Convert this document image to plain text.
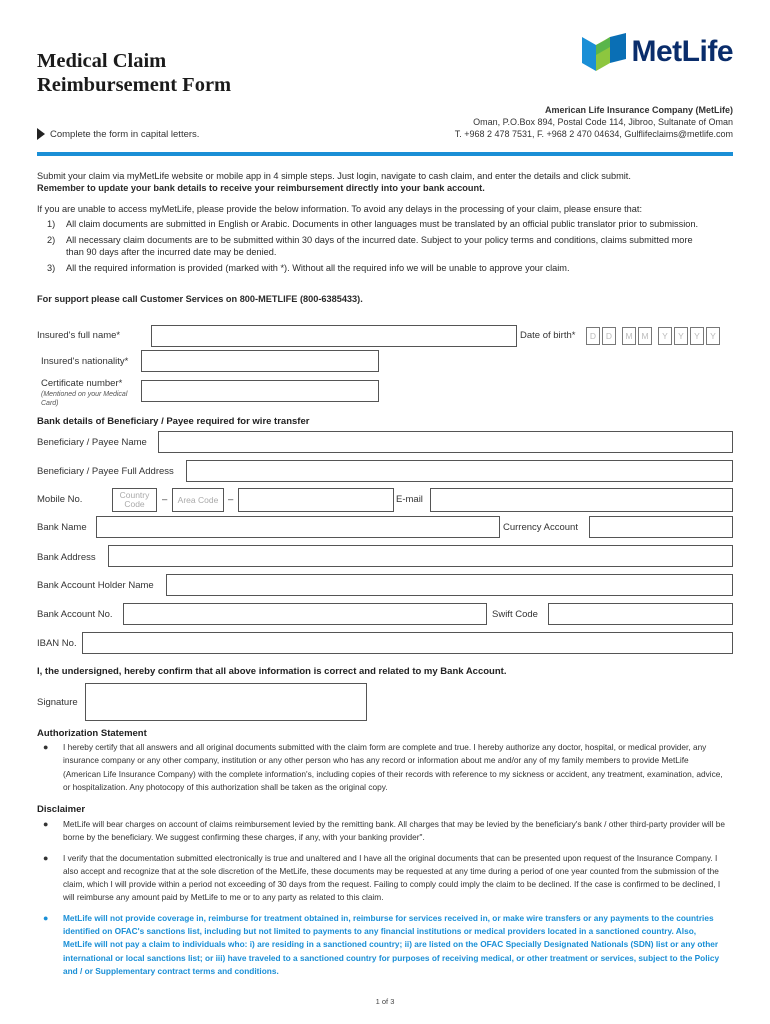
Medical Claim
Reimbursement Form
MetLife
American Life Insurance Company (MetLife)
Oman, P.O.Box 894, Postal Code 114, Jibroo, Sultanate of Oman
T. +968 2 478 7531, F. +968 2 470 04634, Gulflifeclaims@metlife.com
Complete the form in capital letters.
Submit your claim via myMetLife website or mobile app in 4 simple steps. Just login, navigate to cash claim, and enter the details and click submit.
Remember to update your bank details to receive your reimbursement directly into your bank account.
If you are unable to access myMetLife, please provide the below information. To avoid any delays in the processing of your claim, please ensure that:
1) All claim documents are submitted in English or Arabic. Documents in other languages must be translated by an official public translator prior to submission.
2) All necessary claim documents are to be submitted within 30 days of the incurred date. Subject to your policy terms and conditions, claims submitted more than 90 days after the incurred date may be denied.
3) All the required information is provided (marked with *). Without all the required info we will be unable to approve your claim.
For support please call Customer Services on 800-METLIFE (800-6385433).
Insured's full name*	Date of birth*	D	D	M	M	Y	Y	Y	Y
Insured's nationality*
Certificate number*
(Mentioned on your Medical Card)
Bank details of Beneficiary / Payee required for wire transfer
Beneficiary / Payee Name
Beneficiary / Payee Full Address
Mobile No.	Country Code	–	Area Code	–	E-mail
Bank Name	Currency Account
Bank Address
Bank Account Holder Name
Bank Account No.	Swift Code
IBAN No.
I, the undersigned, hereby confirm that all above information is correct and related to my Bank Account.
Signature
Authorization Statement
● I hereby certify that all answers and all original documents submitted with the claim form are complete and true. I hereby authorize any doctor, hospital, or medical provider, any insurance company or any other company, institution or any other person who has any record or information about me and/or any of my family members to provide MetLife (American Life Insurance Company) with the complete information's, including copies of their records with reference to my sickness or accident, any treatment, examination, advice, or hospitalization. Any photocopy of this authorization shall be taken as the original copy.
Disclaimer
● MetLife will bear charges on account of claims reimbursement levied by the remitting bank. All charges that may be levied by the beneficiary's bank / other third-party provider will be borne by the beneficiary. We suggest confirming these charges, if any, with your banking provider".
● I verify that the documentation submitted electronically is true and unaltered and I have all the original documents that can be presented upon request of the Insurance Company. I also accept and recognize that at the sole discretion of the MetLife, these documents may be requested at any time during a period of one year counted from the submission of the claim, which I will provide within a period not exceeding of 30 days from the request. Failing to comply could imply the claim to be declined. If the case is confirmed to be declined, I will reimburse any amount paid by MetLife to me or to any party as related to this claim.
● MetLife will not provide coverage in, reimburse for treatment obtained in, reimburse for services received in, or make wire transfers or any payments to the countries identified on OFAC's sanctions list, including but not limited to payments to any financial institutions or medical providers located in a sanctioned country. Also, MetLife will not pay a claim to individuals who: i) are residing in a sanctioned country; ii) are listed on the OFAC Specially Designated Nationals (SDN) list or any other international or local sanctions list; or iii) have traveled to a sanctioned country for purposes of receiving medical, or other treatment or services, subject to the Policy and / or Supplementary contract terms and conditions.
1 of 3
